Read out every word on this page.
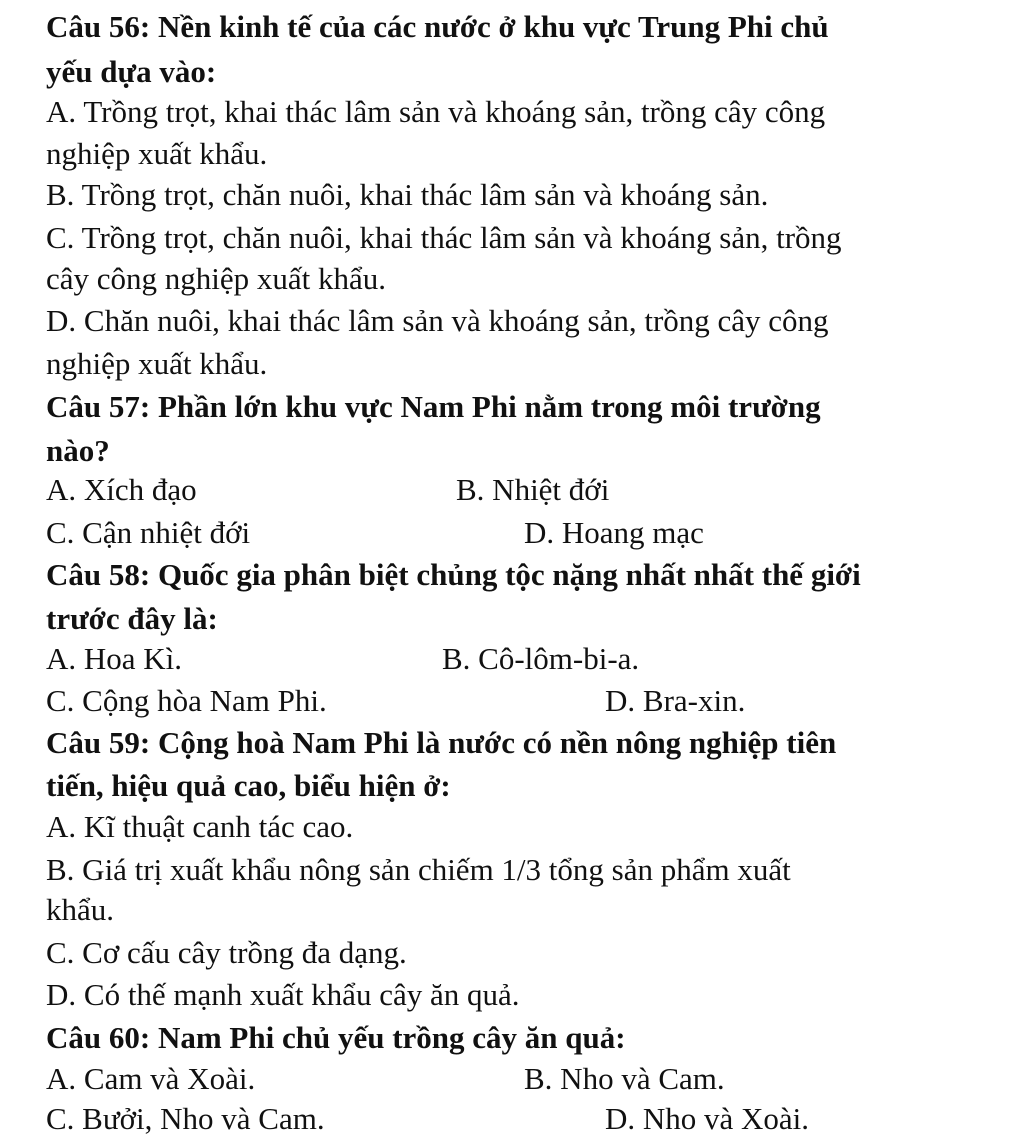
Câu 56: Nền kinh tế của các nước ở khu vực Trung Phi chủ
yếu dựa vào:
A. Trồng trọt, khai thác lâm sản và khoáng sản, trồng cây công
nghiệp xuất khẩu.
B. Trồng trọt, chăn nuôi, khai thác lâm sản và khoáng sản.
C. Trồng trọt, chăn nuôi, khai thác lâm sản và khoáng sản, trồng
cây công nghiệp xuất khẩu.
D. Chăn nuôi, khai thác lâm sản và khoáng sản, trồng cây công
nghiệp xuất khẩu.
Câu 57: Phần lớn khu vực Nam Phi nằm trong môi trường
nào?
A. Xích đạo	B. Nhiệt đới
C. Cận nhiệt đới	D. Hoang mạc
Câu 58: Quốc gia phân biệt chủng tộc nặng nhất nhất thế giới
trước đây là:
A. Hoa Kì.	B. Cô-lôm-bi-a.
C. Cộng hòa Nam Phi.	D. Bra-xin.
Câu 59: Cộng hoà Nam Phi là nước có nền nông nghiệp tiên
tiến, hiệu quả cao, biểu hiện ở:
A. Kĩ thuật canh tác cao.
B. Giá trị xuất khẩu nông sản chiếm 1/3 tổng sản phẩm xuất
khẩu.
C. Cơ cấu cây trồng đa dạng.
D. Có thế mạnh xuất khẩu cây ăn quả.
Câu 60: Nam Phi chủ yếu trồng cây ăn quả:
A. Cam và Xoài.	B. Nho và Cam.
C. Bưởi, Nho và Cam.	D. Nho và Xoài.
